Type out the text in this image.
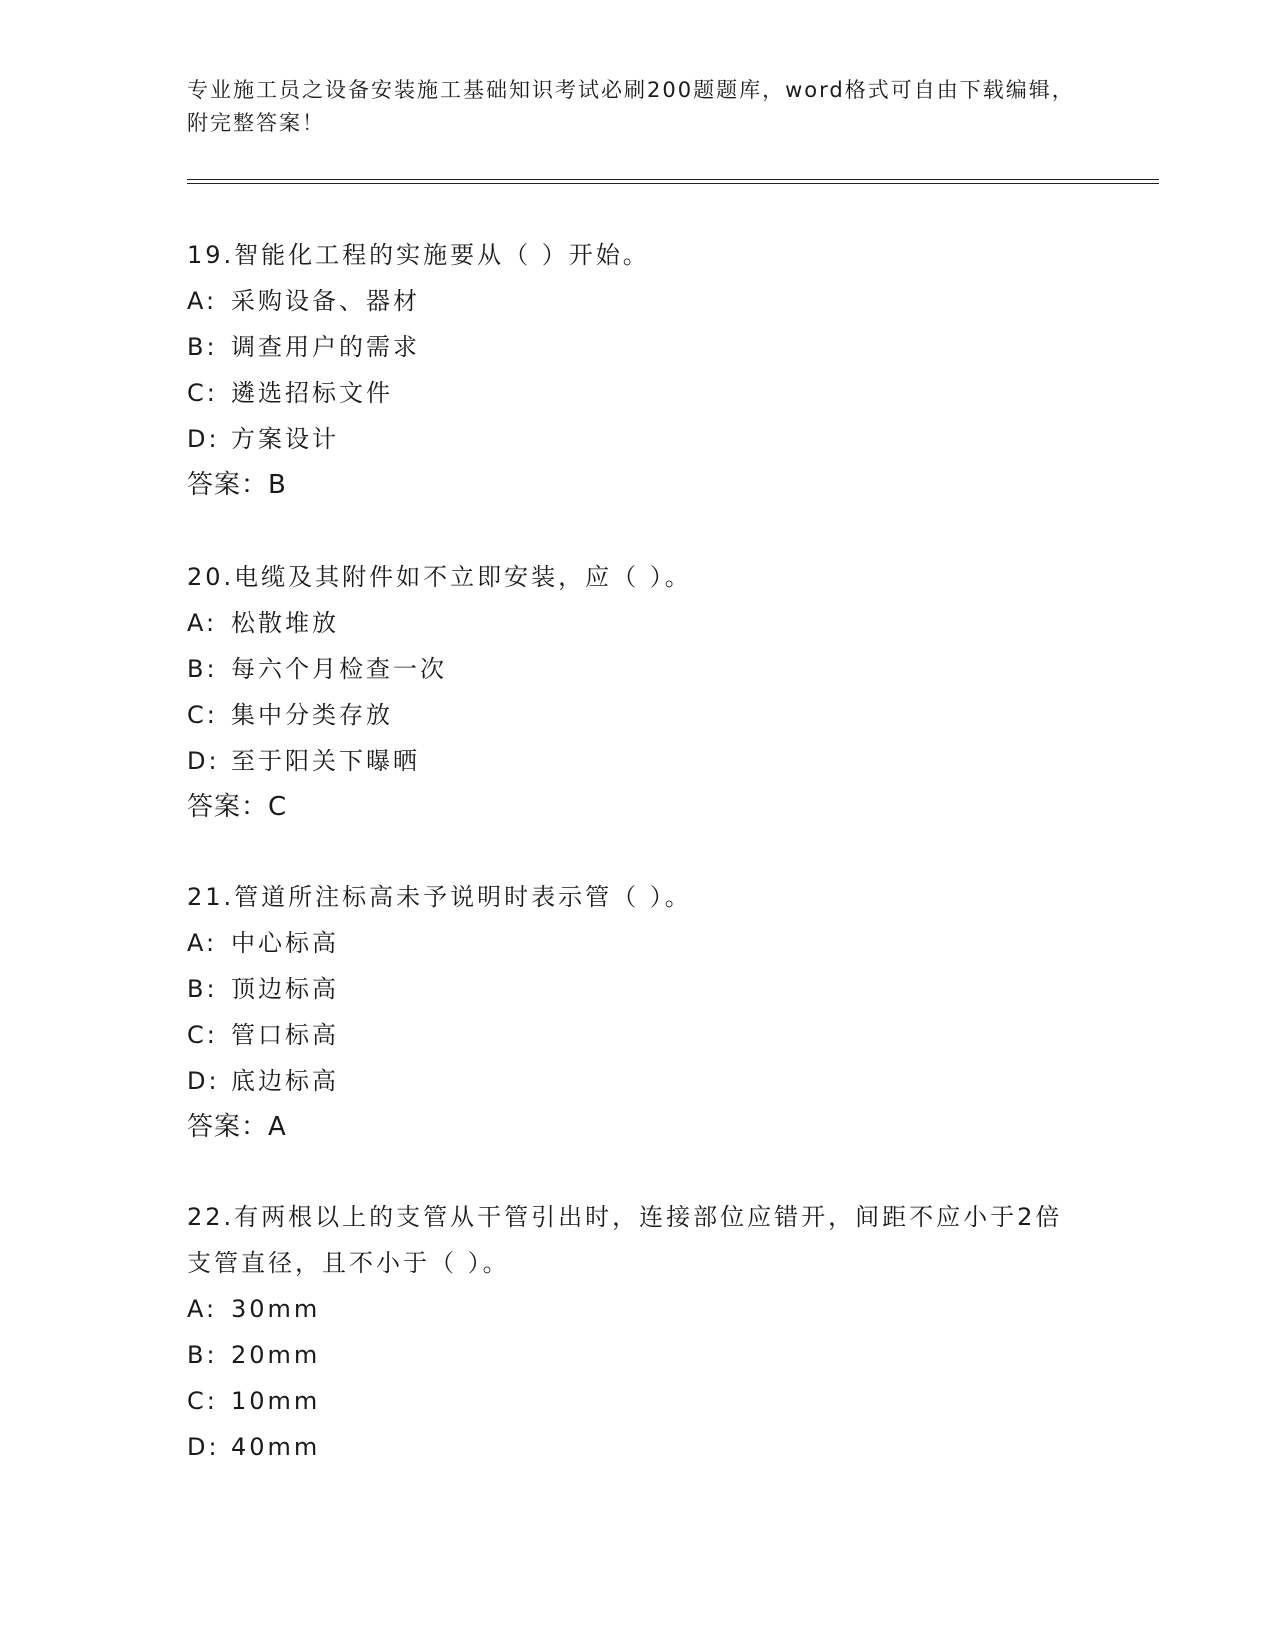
专业施工员之设备安装施工基础知识考试必刷200题题库，word格式可自由下载编辑，附完整答案！
19.智能化工程的实施要从（ ）开始。
A: 采购设备、器材
B: 调查用户的需求
C: 遴选招标文件
D: 方案设计
答案：B
20.电缆及其附件如不立即安装，应（ ）。
A: 松散堆放
B: 每六个月检查一次
C: 集中分类存放
D: 至于阳关下曝晒
答案：C
21.管道所注标高未予说明时表示管（ ）。
A: 中心标高
B: 顶边标高
C: 管口标高
D: 底边标高
答案：A
22.有两根以上的支管从干管引出时，连接部位应错开，间距不应小于2倍支管直径，且不小于（ ）。
A: 30mm
B: 20mm
C: 10mm
D: 40mm
